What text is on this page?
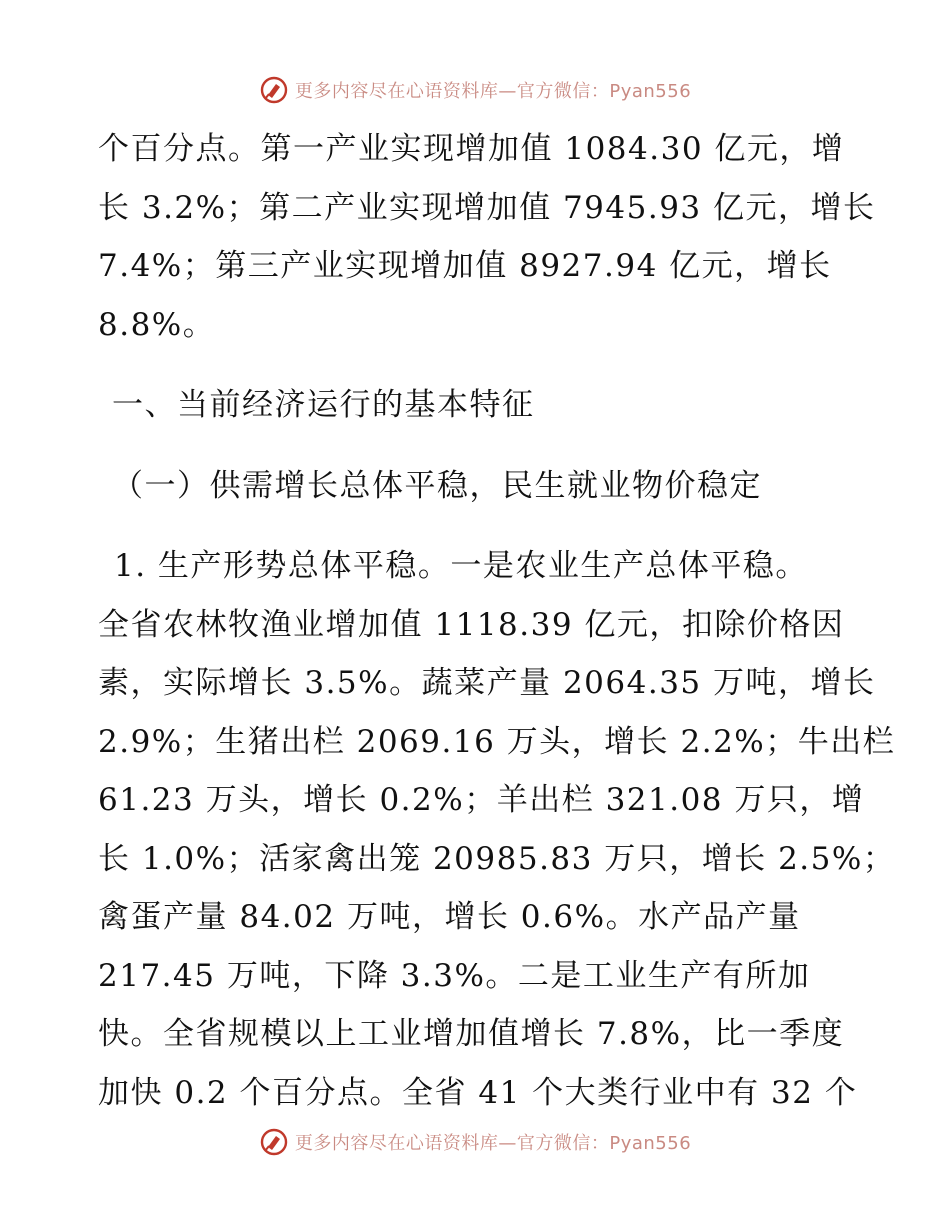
更多内容尽在心语资料库—官方微信：Pyan556
个百分点。第一产业实现增加值 1084.30 亿元，增
长 3.2%；第二产业实现增加值 7945.93 亿元，增长
7.4%；第三产业实现增加值 8927.94 亿元，增长
8.8%。
一、当前经济运行的基本特征
（一）供需增长总体平稳，民生就业物价稳定
1. 生产形势总体平稳。一是农业生产总体平稳。
全省农林牧渔业增加值 1118.39 亿元，扣除价格因
素，实际增长 3.5%。蔬菜产量 2064.35 万吨，增长
2.9%；生猪出栏 2069.16 万头，增长 2.2%；牛出栏
61.23 万头，增长 0.2%；羊出栏 321.08 万只，增
长 1.0%；活家禽出笼 20985.83 万只，增长 2.5%；
禽蛋产量 84.02 万吨，增长 0.6%。水产品产量
217.45 万吨，下降 3.3%。二是工业生产有所加
快。全省规模以上工业增加值增长 7.8%，比一季度
加快 0.2 个百分点。全省 41 个大类行业中有 32 个
更多内容尽在心语资料库—官方微信：Pyan556
